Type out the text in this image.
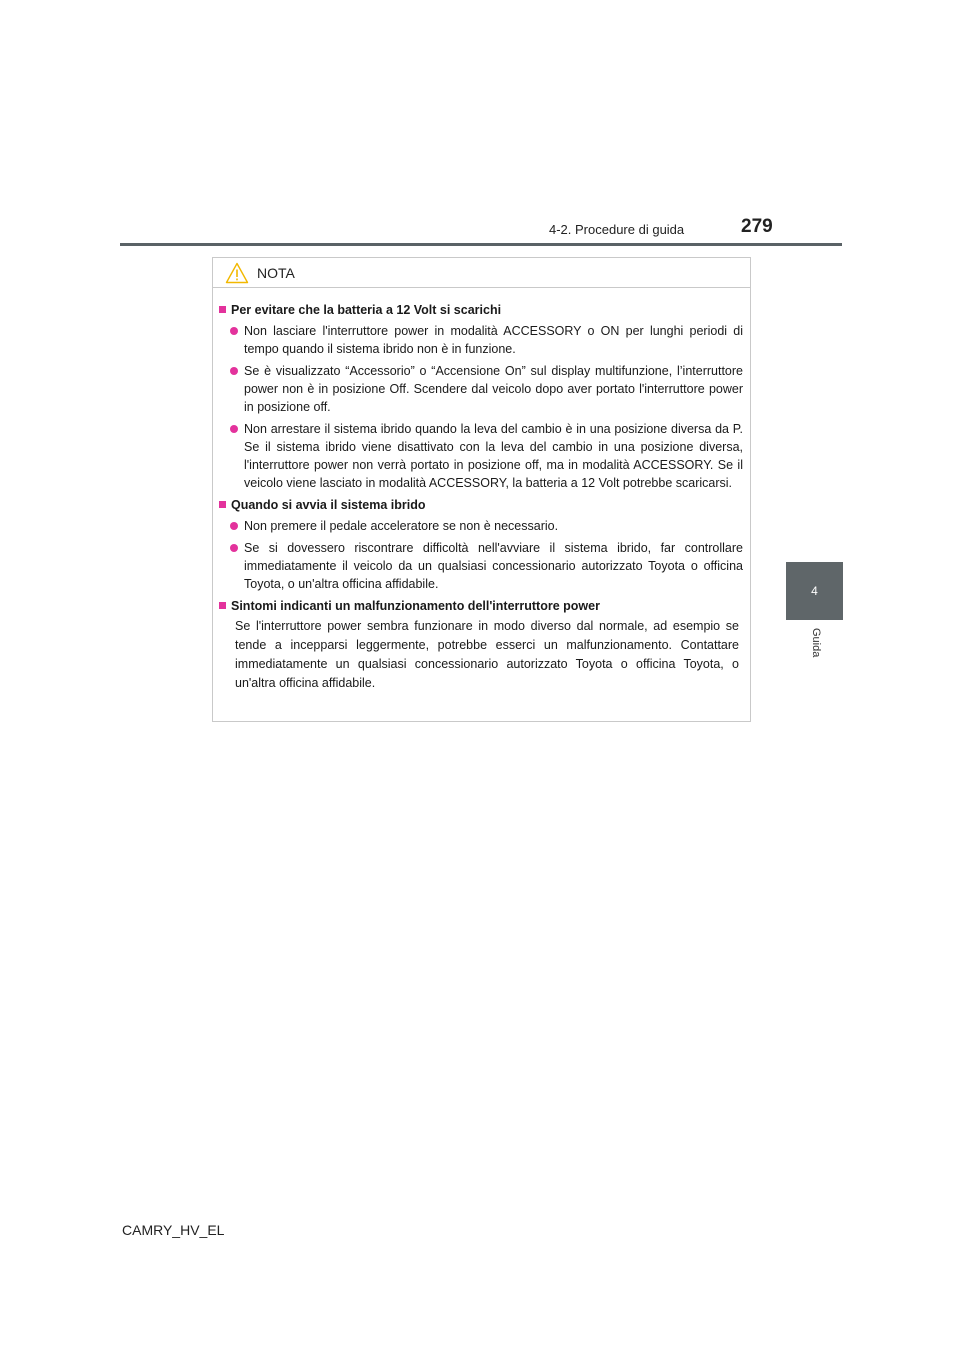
4-2. Procedure di guida	279
4
Guida
NOTA
Per evitare che la batteria a 12 Volt si scarichi
Non lasciare l'interruttore power in modalità ACCESSORY o ON per lunghi periodi di tempo quando il sistema ibrido non è in funzione.
Se è visualizzato “Accessorio” o “Accensione On” sul display multifunzione, l’interruttore power non è in posizione Off. Scendere dal veicolo dopo aver portato l'interruttore power in posizione off.
Non arrestare il sistema ibrido quando la leva del cambio è in una posizione diversa da P. Se il sistema ibrido viene disattivato con la leva del cambio in una posizione diversa, l'interruttore power non verrà portato in posizione off, ma in modalità ACCESSORY. Se il veicolo viene lasciato in modalità ACCESSORY, la batteria a 12 Volt potrebbe scaricarsi.
Quando si avvia il sistema ibrido
Non premere il pedale acceleratore se non è necessario.
Se si dovessero riscontrare difficoltà nell'avviare il sistema ibrido, far controllare immediatamente il veicolo da un qualsiasi concessionario autorizzato Toyota o officina Toyota, o un'altra officina affidabile.
Sintomi indicanti un malfunzionamento dell'interruttore power
Se l'interruttore power sembra funzionare in modo diverso dal normale, ad esempio se tende a incepparsi leggermente, potrebbe esserci un malfunzionamento. Contattare immediatamente un qualsiasi concessionario autorizzato Toyota o officina Toyota, o un'altra officina affidabile.
CAMRY_HV_EL
